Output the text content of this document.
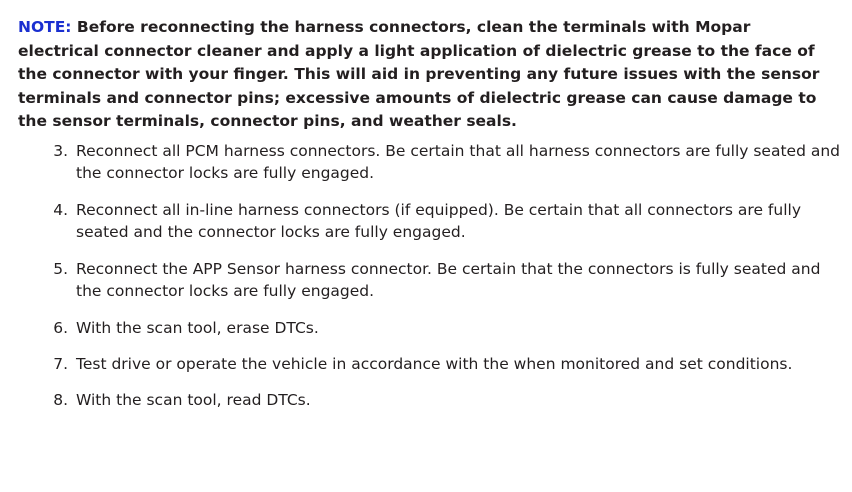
NOTE: Before reconnecting the harness connectors, clean the terminals with Mopar electrical connector cleaner and apply a light application of dielectric grease to the face of the connector with your finger. This will aid in preventing any future issues with the sensor terminals and connector pins; excessive amounts of dielectric grease can cause damage to the sensor terminals, connector pins, and weather seals.

3. Reconnect all PCM harness connectors. Be certain that all harness connectors are fully seated and the connector locks are fully engaged.
4. Reconnect all in-line harness connectors (if equipped). Be certain that all connectors are fully seated and the connector locks are fully engaged.
5. Reconnect the APP Sensor harness connector. Be certain that the connectors is fully seated and the connector locks are fully engaged.
6. With the scan tool, erase DTCs.
7. Test drive or operate the vehicle in accordance with the when monitored and set conditions.
8. With the scan tool, read DTCs.
